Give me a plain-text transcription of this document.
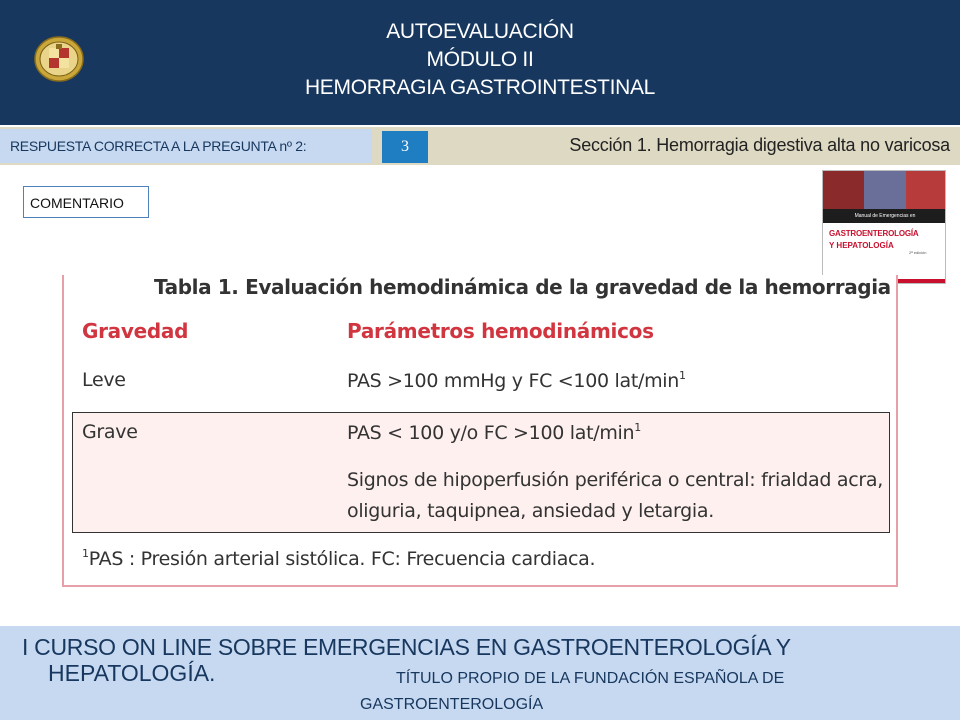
AUTOEVALUACIÓN
MÓDULO II
HEMORRAGIA GASTROINTESTINAL
RESPUESTA CORRECTA A LA PREGUNTA nº 2:	3	Sección 1. Hemorragia digestiva alta no varicosa
COMENTARIO
Manual de Emergencias en
GASTROENTEROLOGÍA
Y HEPATOLOGÍA
2ª edición
Tabla 1. Evaluación hemodinámica de la gravedad de la hemorragia
Gravedad	Parámetros hemodinámicos
Leve	PAS >100 mmHg y FC <100 lat/$\min^1$
Grave	PAS < 100 y/o FC >100 lat/$\min^1$
Signos de hipoperfusión periférica o central: frialdad acra,
oliguria, taquipnea, ansiedad y letargia.
$^1$PAS : Presión arterial sistólica. FC: Frecuencia cardiaca.
I CURSO ON LINE SOBRE EMERGENCIAS EN GASTROENTEROLOGÍA Y
HEPATOLOGÍA.	TÍTULO PROPIO DE LA FUNDACIÓN ESPAÑOLA DE
GASTROENTEROLOGÍA
